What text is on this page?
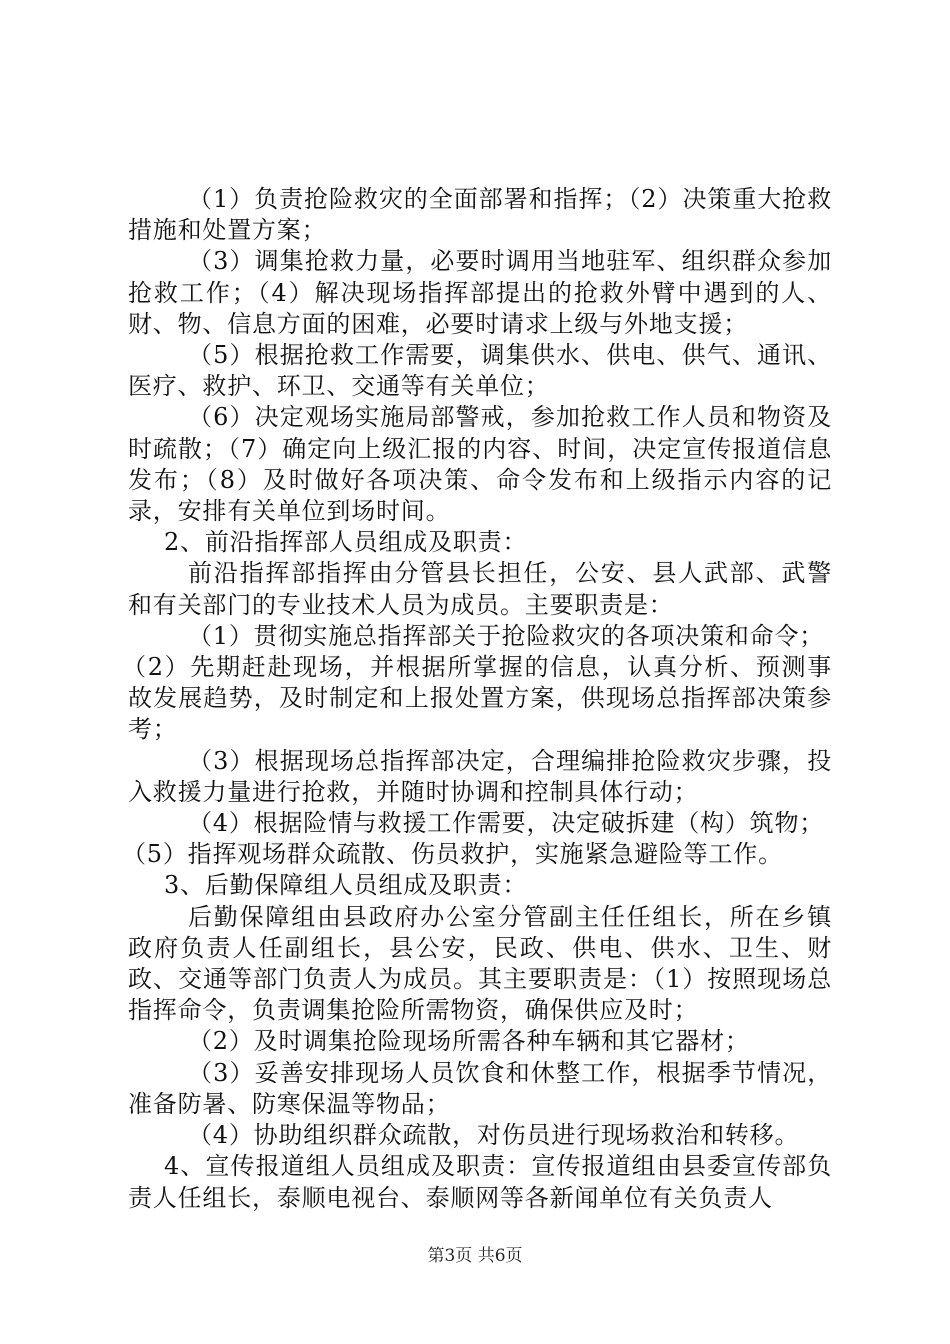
（1）负责抢险救灾的全面部署和指挥；（2）决策重大抢救措施和处置方案；

（3）调集抢救力量，必要时调用当地驻军、组织群众参加抢救工作；（4）解决现场指挥部提出的抢救外臂中遇到的人、财、物、信息方面的困难，必要时请求上级与外地支援；

（5）根据抢救工作需要，调集供水、供电、供气、通讯、医疗、救护、环卫、交通等有关单位；

（6）决定观场实施局部警戒，参加抢救工作人员和物资及时疏散；（7）确定向上级汇报的内容、时间，决定宣传报道信息发布；（8）及时做好各项决策、命令发布和上级指示内容的记录，安排有关单位到场时间。

2、前沿指挥部人员组成及职责：

前沿指挥部指挥由分管县长担任，公安、县人武部、武警和有关部门的专业技术人员为成员。主要职责是：

（1）贯彻实施总指挥部关于抢险救灾的各项决策和命令；

（2）先期赶赴现场，并根据所掌握的信息，认真分析、预测事故发展趋势，及时制定和上报处置方案，供现场总指挥部决策参考；

（3）根据现场总指挥部决定，合理编排抢险救灾步骤，投入救援力量进行抢救，并随时协调和控制具体行动；

（4）根据险情与救援工作需要，决定破拆建（构）筑物；

（5）指挥观场群众疏散、伤员救护，实施紧急避险等工作。

3、后勤保障组人员组成及职责：

后勤保障组由县政府办公室分管副主任任组长，所在乡镇政府负责人任副组长，县公安，民政、供电、供水、卫生、财政、交通等部门负责人为成员。其主要职责是：（1）按照现场总指挥命令，负责调集抢险所需物资，确保供应及时；

（2）及时调集抢险现场所需各种车辆和其它器材；

（3）妥善安排现场人员饮食和休整工作，根据季节情况，准备防暑、防寒保温等物品；

（4）协助组织群众疏散，对伤员进行现场救治和转移。

4、宣传报道组人员组成及职责：宣传报道组由县委宣传部负责人任组长，泰顺电视台、泰顺网等各新闻单位有关负责人

第3页 共6页
